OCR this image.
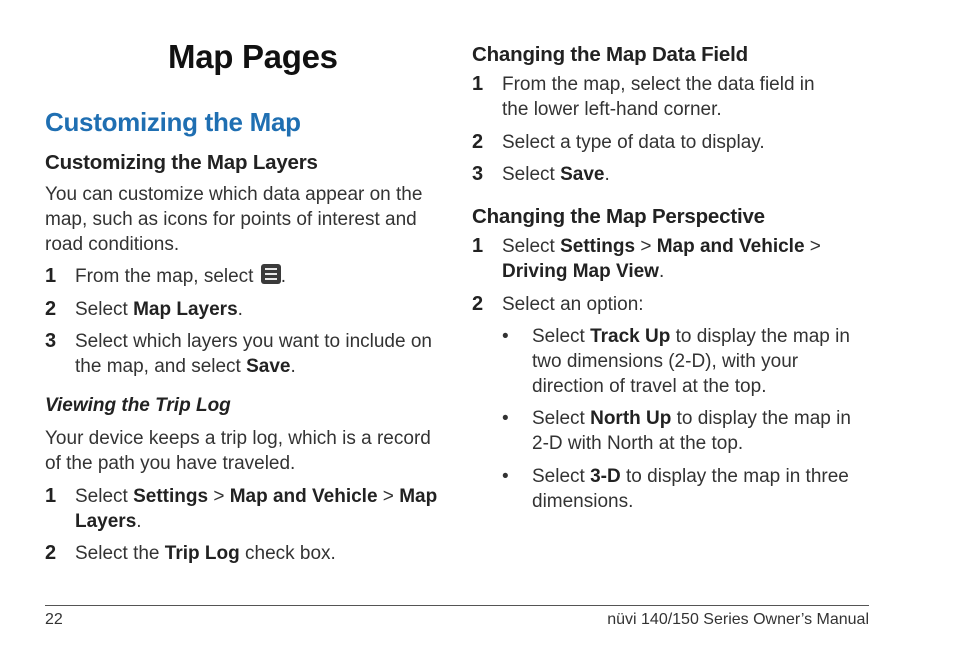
Map Pages
Customizing the Map
Customizing the Map Layers

You can customize which data appear on the map, such as icons for points of interest and road conditions.

1 From the map, select
.
2 Select Map Layers.
3 Select which layers you want to include on the map, and select Save.
Viewing the Trip Log

Your device keeps a trip log, which is a record of the path you have traveled.

1 Select Settings > Map and Vehicle > Map Layers.
2 Select the Trip Log check box.
Changing the Map Data Field
1 From the map, select the data field in the lower left-hand corner.
2 Select a type of data to display.
3 Select Save.
Changing the Map Perspective
1 Select Settings > Map and Vehicle > Driving Map View.
2 Select an option:
• Select Track Up to display the map in two dimensions (2-D), with your direction of travel at the top.
• Select North Up to display the map in 2-D with North at the top.
• Select 3-D to display the map in three dimensions.
22	nüvi 140/150 Series Owner’s Manual
